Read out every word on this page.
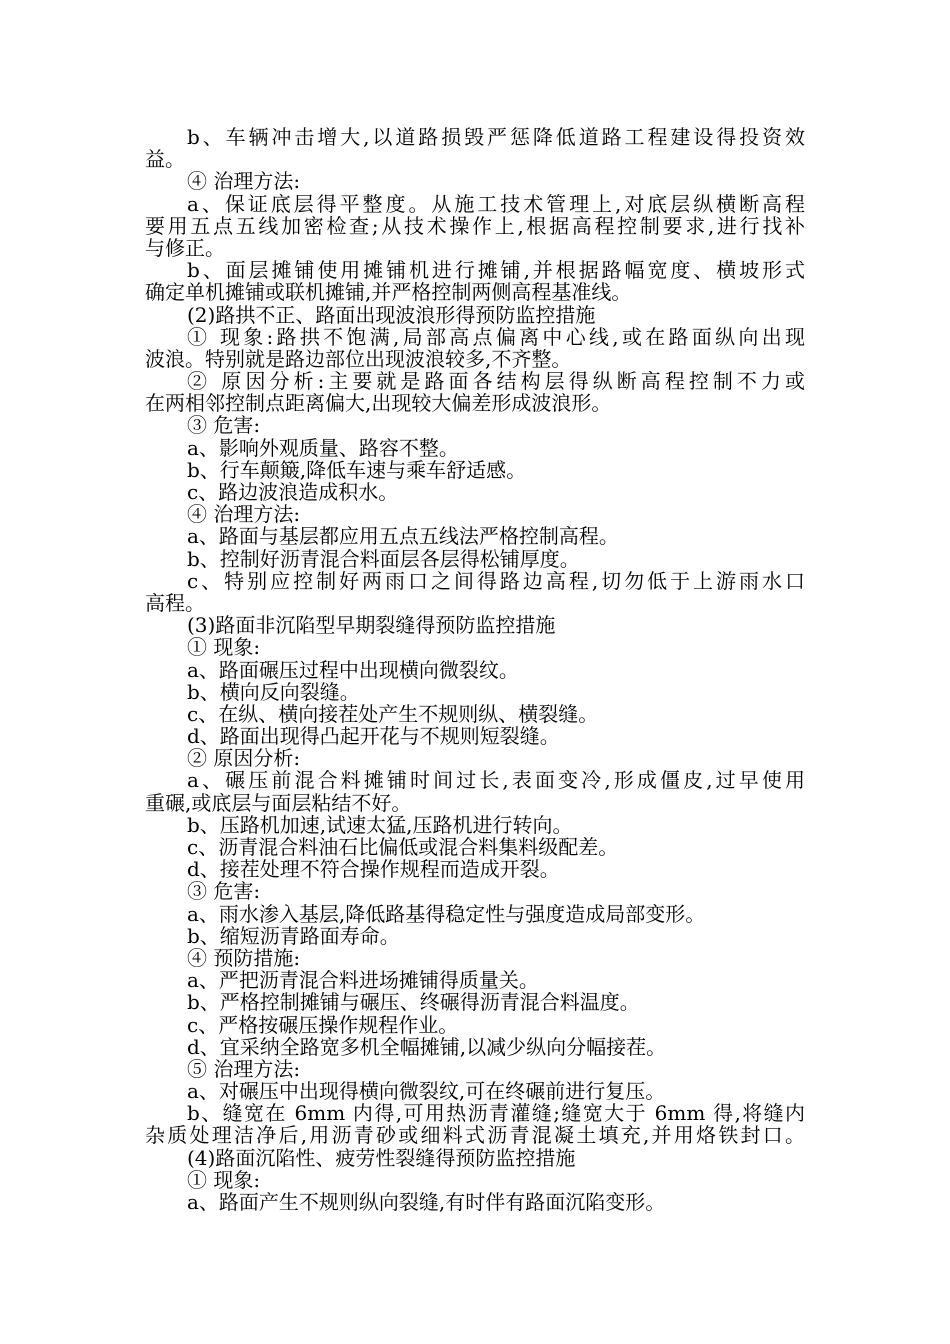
b、车辆冲击增大,以道路损毁严惩降低道路工程建设得投资效
益。
④ 治理方法:
a、保证底层得平整度。从施工技术管理上,对底层纵横断高程
要用五点五线加密检查;从技术操作上,根据高程控制要求,进行找补
与修正。
b、面层摊铺使用摊铺机进行摊铺,并根据路幅宽度、横坡形式
确定单机摊铺或联机摊铺,并严格控制两侧高程基准线。
(2)路拱不正、路面出现波浪形得预防监控措施
① 现象:路拱不饱满,局部高点偏离中心线,或在路面纵向出现
波浪。特别就是路边部位出现波浪较多,不齐整。
② 原因分析:主要就是路面各结构层得纵断高程控制不力或
在两相邻控制点距离偏大,出现较大偏差形成波浪形。
③ 危害:
a、影响外观质量、路容不整。
b、行车颠簸,降低车速与乘车舒适感。
c、路边波浪造成积水。
④ 治理方法:
a、路面与基层都应用五点五线法严格控制高程。
b、控制好沥青混合料面层各层得松铺厚度。
c、特别应控制好两雨口之间得路边高程,切勿低于上游雨水口
高程。
(3)路面非沉陷型早期裂缝得预防监控措施
① 现象:
a、路面碾压过程中出现横向微裂纹。
b、横向反向裂缝。
c、在纵、横向接茬处产生不规则纵、横裂缝。
d、路面出现得凸起开花与不规则短裂缝。
② 原因分析:
a、碾压前混合料摊铺时间过长,表面变冷,形成僵皮,过早使用
重碾,或底层与面层粘结不好。
b、压路机加速,试速太猛,压路机进行转向。
c、沥青混合料油石比偏低或混合料集料级配差。
d、接茬处理不符合操作规程而造成开裂。
③ 危害:
a、雨水渗入基层,降低路基得稳定性与强度造成局部变形。
b、缩短沥青路面寿命。
④ 预防措施:
a、严把沥青混合料进场摊铺得质量关。
b、严格控制摊铺与碾压、终碾得沥青混合料温度。
c、严格按碾压操作规程作业。
d、宜采纳全路宽多机全幅摊铺,以减少纵向分幅接茬。
⑤ 治理方法:
a、对碾压中出现得横向微裂纹,可在终碾前进行复压。
b、缝宽在 6mm 内得,可用热沥青灌缝;缝宽大于 6mm 得,将缝内
杂质处理洁净后,用沥青砂或细料式沥青混凝土填充,并用烙铁封口。
(4)路面沉陷性、疲劳性裂缝得预防监控措施
① 现象:
a、路面产生不规则纵向裂缝,有时伴有路面沉陷变形。
